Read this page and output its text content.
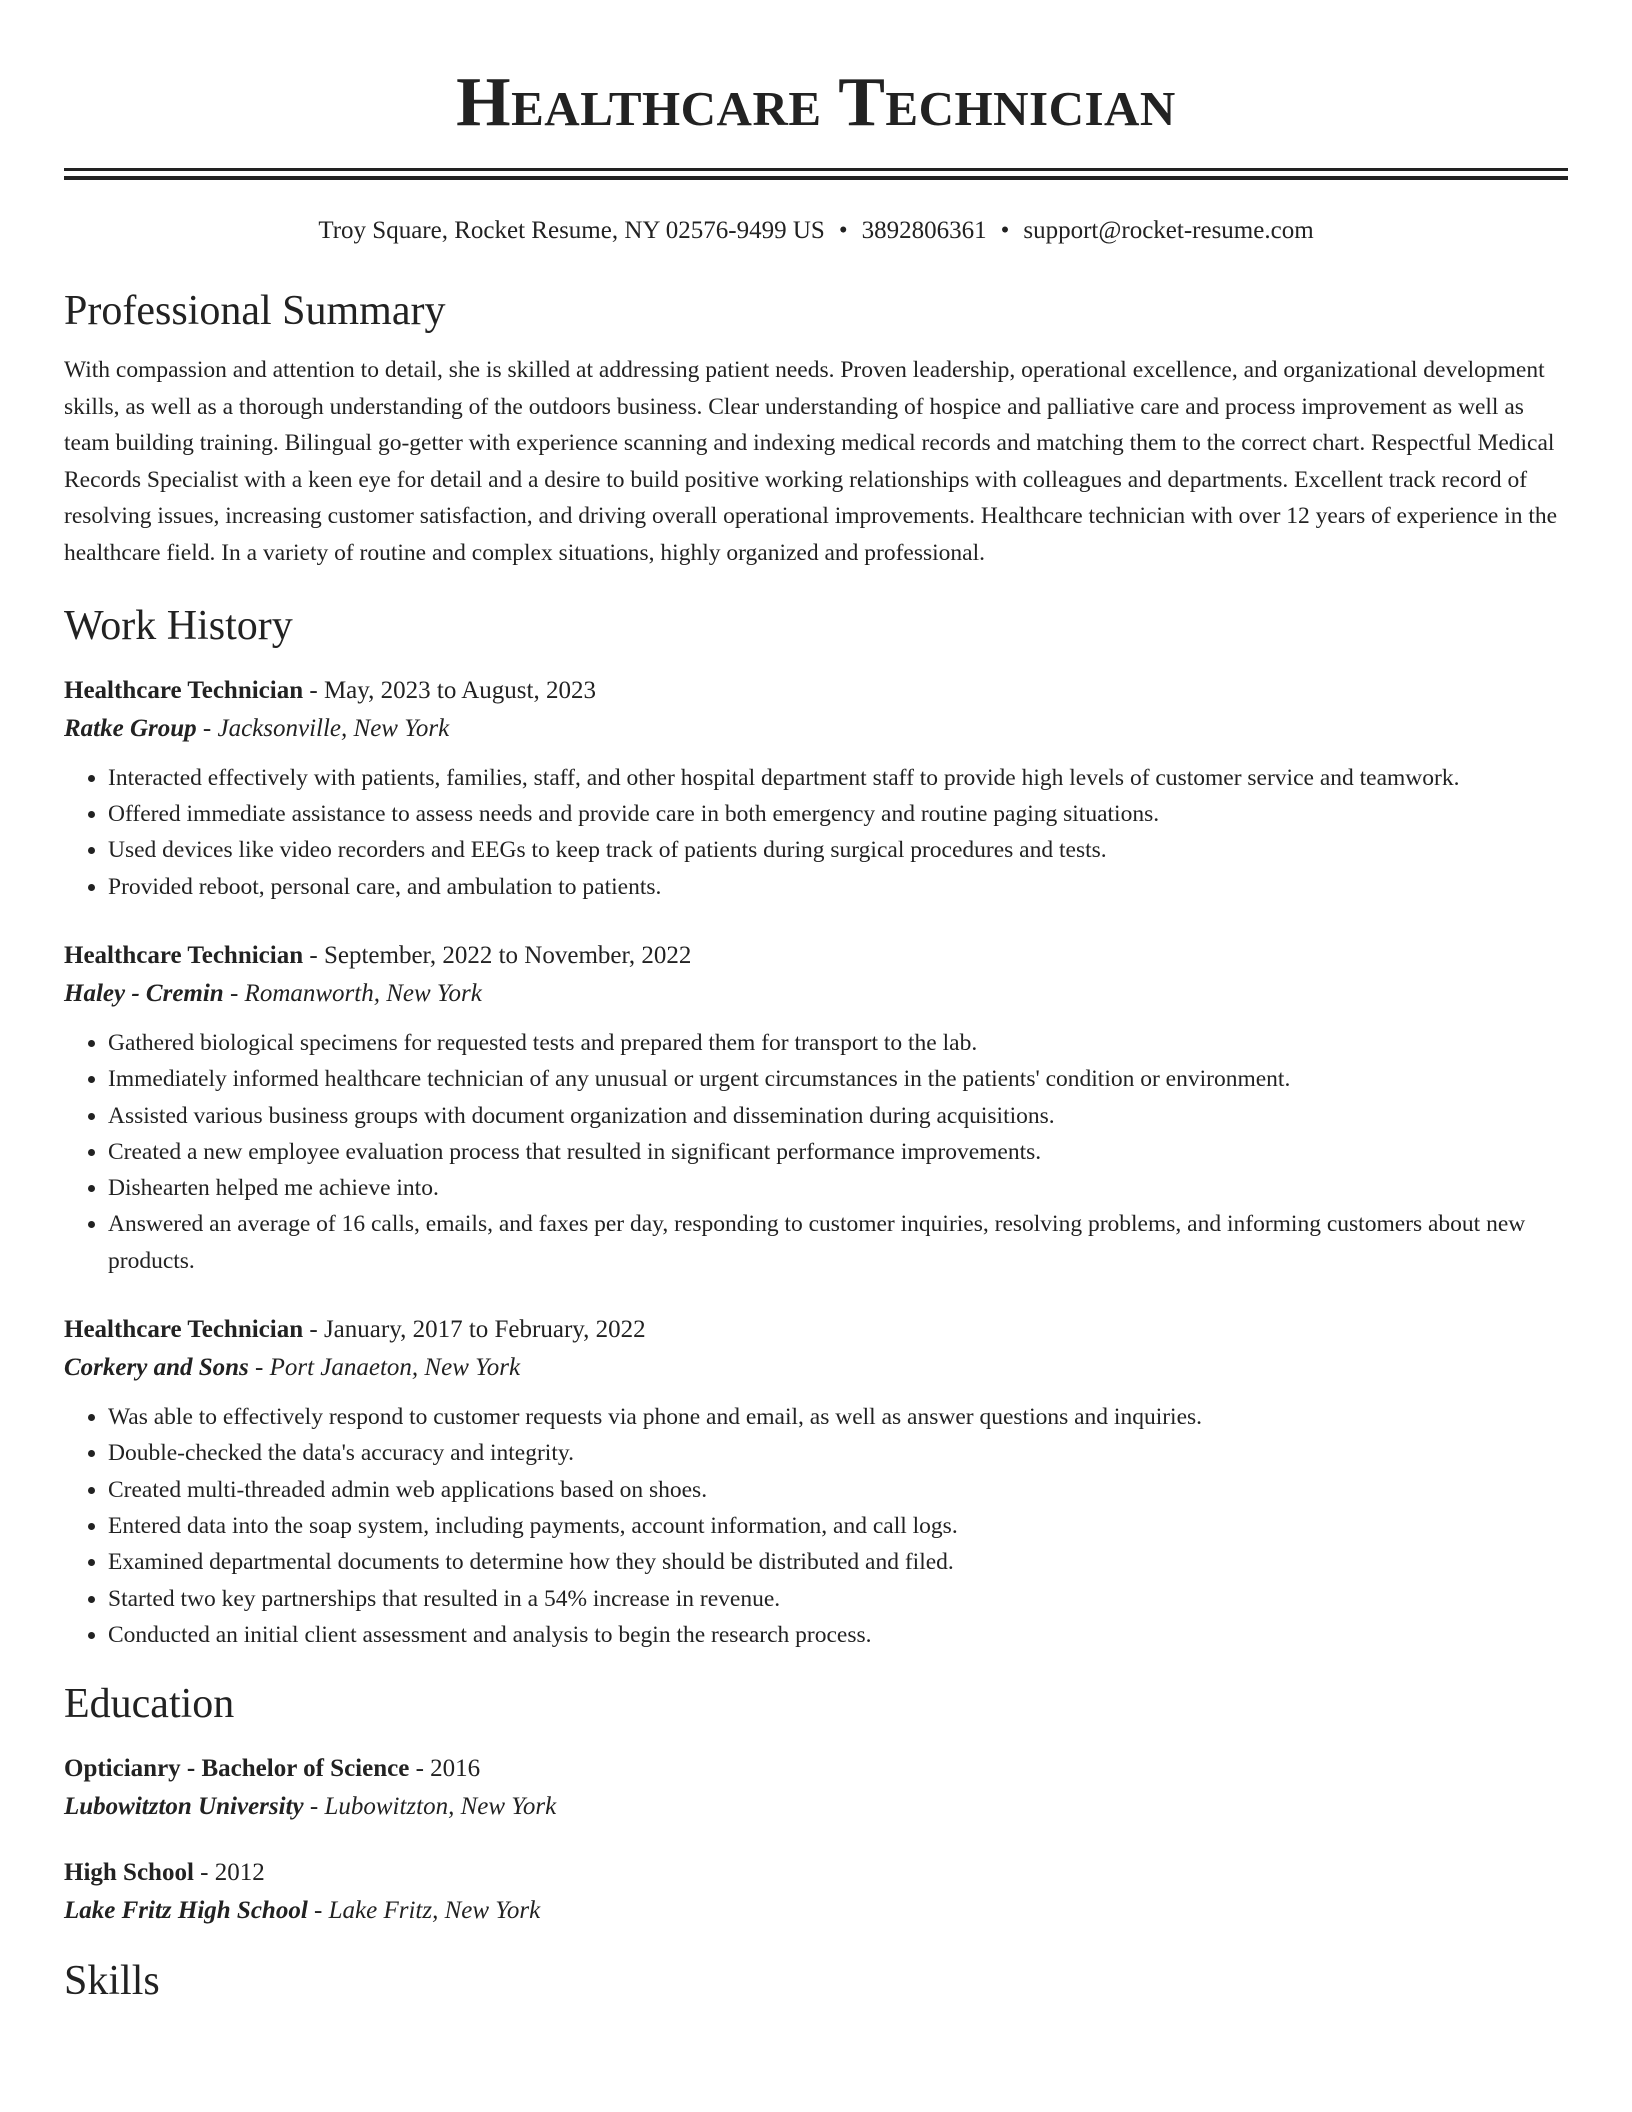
Healthcare Technician
Troy Square, Rocket Resume, NY 02576-9499 US • 3892806361 • support@rocket-resume.com
Professional Summary
With compassion and attention to detail, she is skilled at addressing patient needs. Proven leadership, operational excellence, and organizational development skills, as well as a thorough understanding of the outdoors business. Clear understanding of hospice and palliative care and process improvement as well as team building training. Bilingual go-getter with experience scanning and indexing medical records and matching them to the correct chart. Respectful Medical Records Specialist with a keen eye for detail and a desire to build positive working relationships with colleagues and departments. Excellent track record of resolving issues, increasing customer satisfaction, and driving overall operational improvements. Healthcare technician with over 12 years of experience in the healthcare field. In a variety of routine and complex situations, highly organized and professional.
Work History
Healthcare Technician - May, 2023 to August, 2023
Ratke Group - Jacksonville, New York
• Interacted effectively with patients, families, staff, and other hospital department staff to provide high levels of customer service and teamwork.
• Offered immediate assistance to assess needs and provide care in both emergency and routine paging situations.
• Used devices like video recorders and EEGs to keep track of patients during surgical procedures and tests.
• Provided reboot, personal care, and ambulation to patients.
Healthcare Technician - September, 2022 to November, 2022
Haley - Cremin - Romanworth, New York
• Gathered biological specimens for requested tests and prepared them for transport to the lab.
• Immediately informed healthcare technician of any unusual or urgent circumstances in the patients' condition or environment.
• Assisted various business groups with document organization and dissemination during acquisitions.
• Created a new employee evaluation process that resulted in significant performance improvements.
• Dishearten helped me achieve into.
• Answered an average of 16 calls, emails, and faxes per day, responding to customer inquiries, resolving problems, and informing customers about new products.
Healthcare Technician - January, 2017 to February, 2022
Corkery and Sons - Port Janaeton, New York
• Was able to effectively respond to customer requests via phone and email, as well as answer questions and inquiries.
• Double-checked the data's accuracy and integrity.
• Created multi-threaded admin web applications based on shoes.
• Entered data into the soap system, including payments, account information, and call logs.
• Examined departmental documents to determine how they should be distributed and filed.
• Started two key partnerships that resulted in a 54% increase in revenue.
• Conducted an initial client assessment and analysis to begin the research process.
Education
Opticianry - Bachelor of Science - 2016
Lubowitzton University - Lubowitzton, New York
High School - 2012
Lake Fritz High School - Lake Fritz, New York
Skills
